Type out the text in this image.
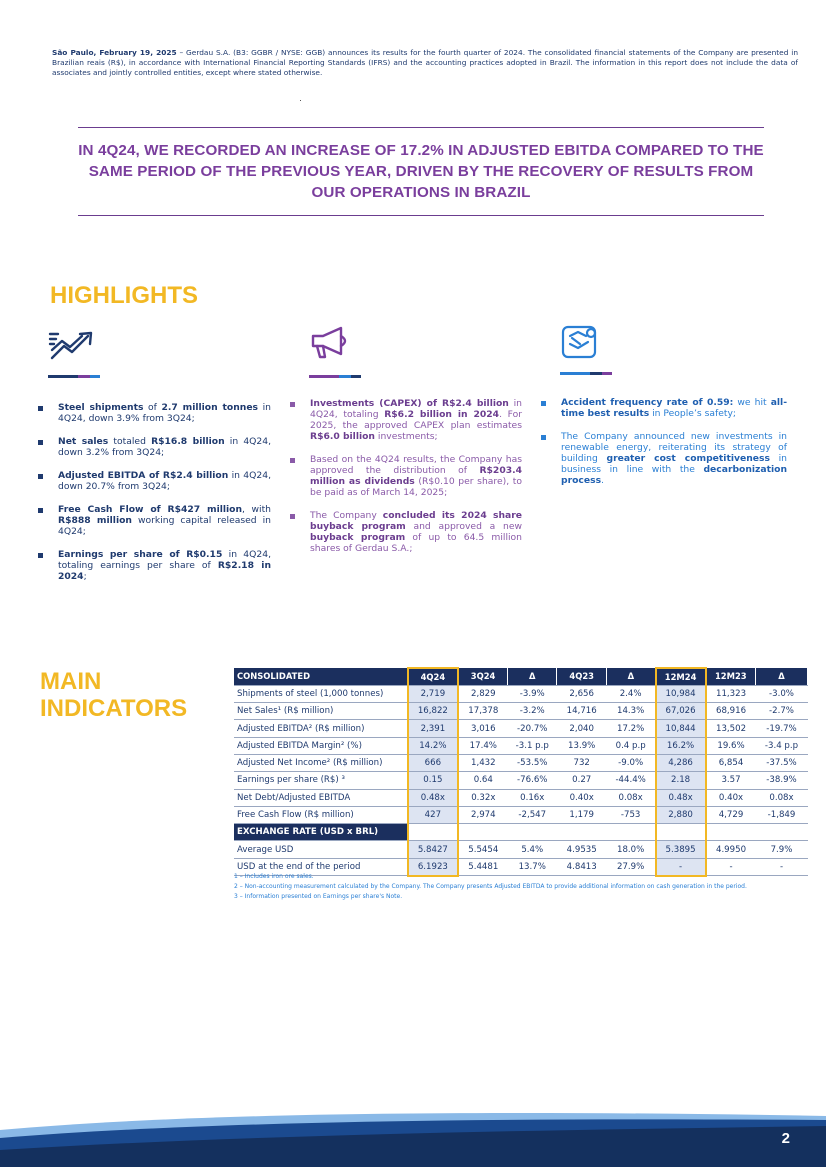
São Paulo, February 19, 2025 – Gerdau S.A. (B3: GGBR / NYSE: GGB) announces its results for the fourth quarter of 2024. The consolidated financial statements of the Company are presented in Brazilian reais (R$), in accordance with International Financial Reporting Standards (IFRS) and the accounting practices adopted in Brazil. The information in this report does not include the data of associates and jointly controlled entities, except where stated otherwise.
IN 4Q24, WE RECORDED AN INCREASE OF 17.2% IN ADJUSTED EBITDA COMPARED TO THE SAME PERIOD OF THE PREVIOUS YEAR, DRIVEN BY THE RECOVERY OF RESULTS FROM OUR OPERATIONS IN BRAZIL
HIGHLIGHTS
Steel shipments of 2.7 million tonnes in 4Q24, down 3.9% from 3Q24;
Net sales totaled R$16.8 billion in 4Q24, down 3.2% from 3Q24;
Adjusted EBITDA of R$2.4 billion in 4Q24, down 20.7% from 3Q24;
Free Cash Flow of R$427 million, with R$888 million working capital released in 4Q24;
Earnings per share of R$0.15 in 4Q24, totaling earnings per share of R$2.18 in 2024;
Investments (CAPEX) of R$2.4 billion in 4Q24, totaling R$6.2 billion in 2024. For 2025, the approved CAPEX plan estimates R$6.0 billion investments;
Based on the 4Q24 results, the Company has approved the distribution of R$203.4 million as dividends (R$0.10 per share), to be paid as of March 14, 2025;
The Company concluded its 2024 share buyback program and approved a new buyback program of up to 64.5 million shares of Gerdau S.A.;
Accident frequency rate of 0.59: we hit all-time best results in People’s safety;
The Company announced new investments in renewable energy, reiterating its strategy of building greater cost competitiveness in business in line with the decarbonization process.
MAIN
INDICATORS
CONSOLIDATED	4Q24	3Q24	Δ	4Q23	Δ	12M24	12M23	Δ
Shipments of steel (1,000 tonnes)	2,719	2,829	-3.9%	2,656	2.4%	10,984	11,323	-3.0%
Net Sales¹ (R$ million)	16,822	17,378	-3.2%	14,716	14.3%	67,026	68,916	-2.7%
Adjusted EBITDA² (R$ million)	2,391	3,016	-20.7%	2,040	17.2%	10,844	13,502	-19.7%
Adjusted EBITDA Margin² (%)	14.2%	17.4%	-3.1 p.p	13.9%	0.4 p.p	16.2%	19.6%	-3.4 p.p
Adjusted Net Income² (R$ million)	666	1,432	-53.5%	732	-9.0%	4,286	6,854	-37.5%
Earnings per share (R$) ³	0.15	0.64	-76.6%	0.27	-44.4%	2.18	3.57	-38.9%
Net Debt/Adjusted EBITDA	0.48x	0.32x	0.16x	0.40x	0.08x	0.48x	0.40x	0.08x
Free Cash Flow (R$ million)	427	2,974	-2,547	1,179	-753	2,880	4,729	-1,849
EXCHANGE RATE (USD x BRL)								
Average USD	5.8427	5.5454	5.4%	4.9535	18.0%	5.3895	4.9950	7.9%
USD at the end of the period	6.1923	5.4481	13.7%	4.8413	27.9%	-	-	-
1 – Includes iron ore sales.
2 – Non-accounting measurement calculated by the Company. The Company presents Adjusted EBITDA to provide additional information on cash generation in the period.
3 – Information presented on Earnings per share's Note.
2
